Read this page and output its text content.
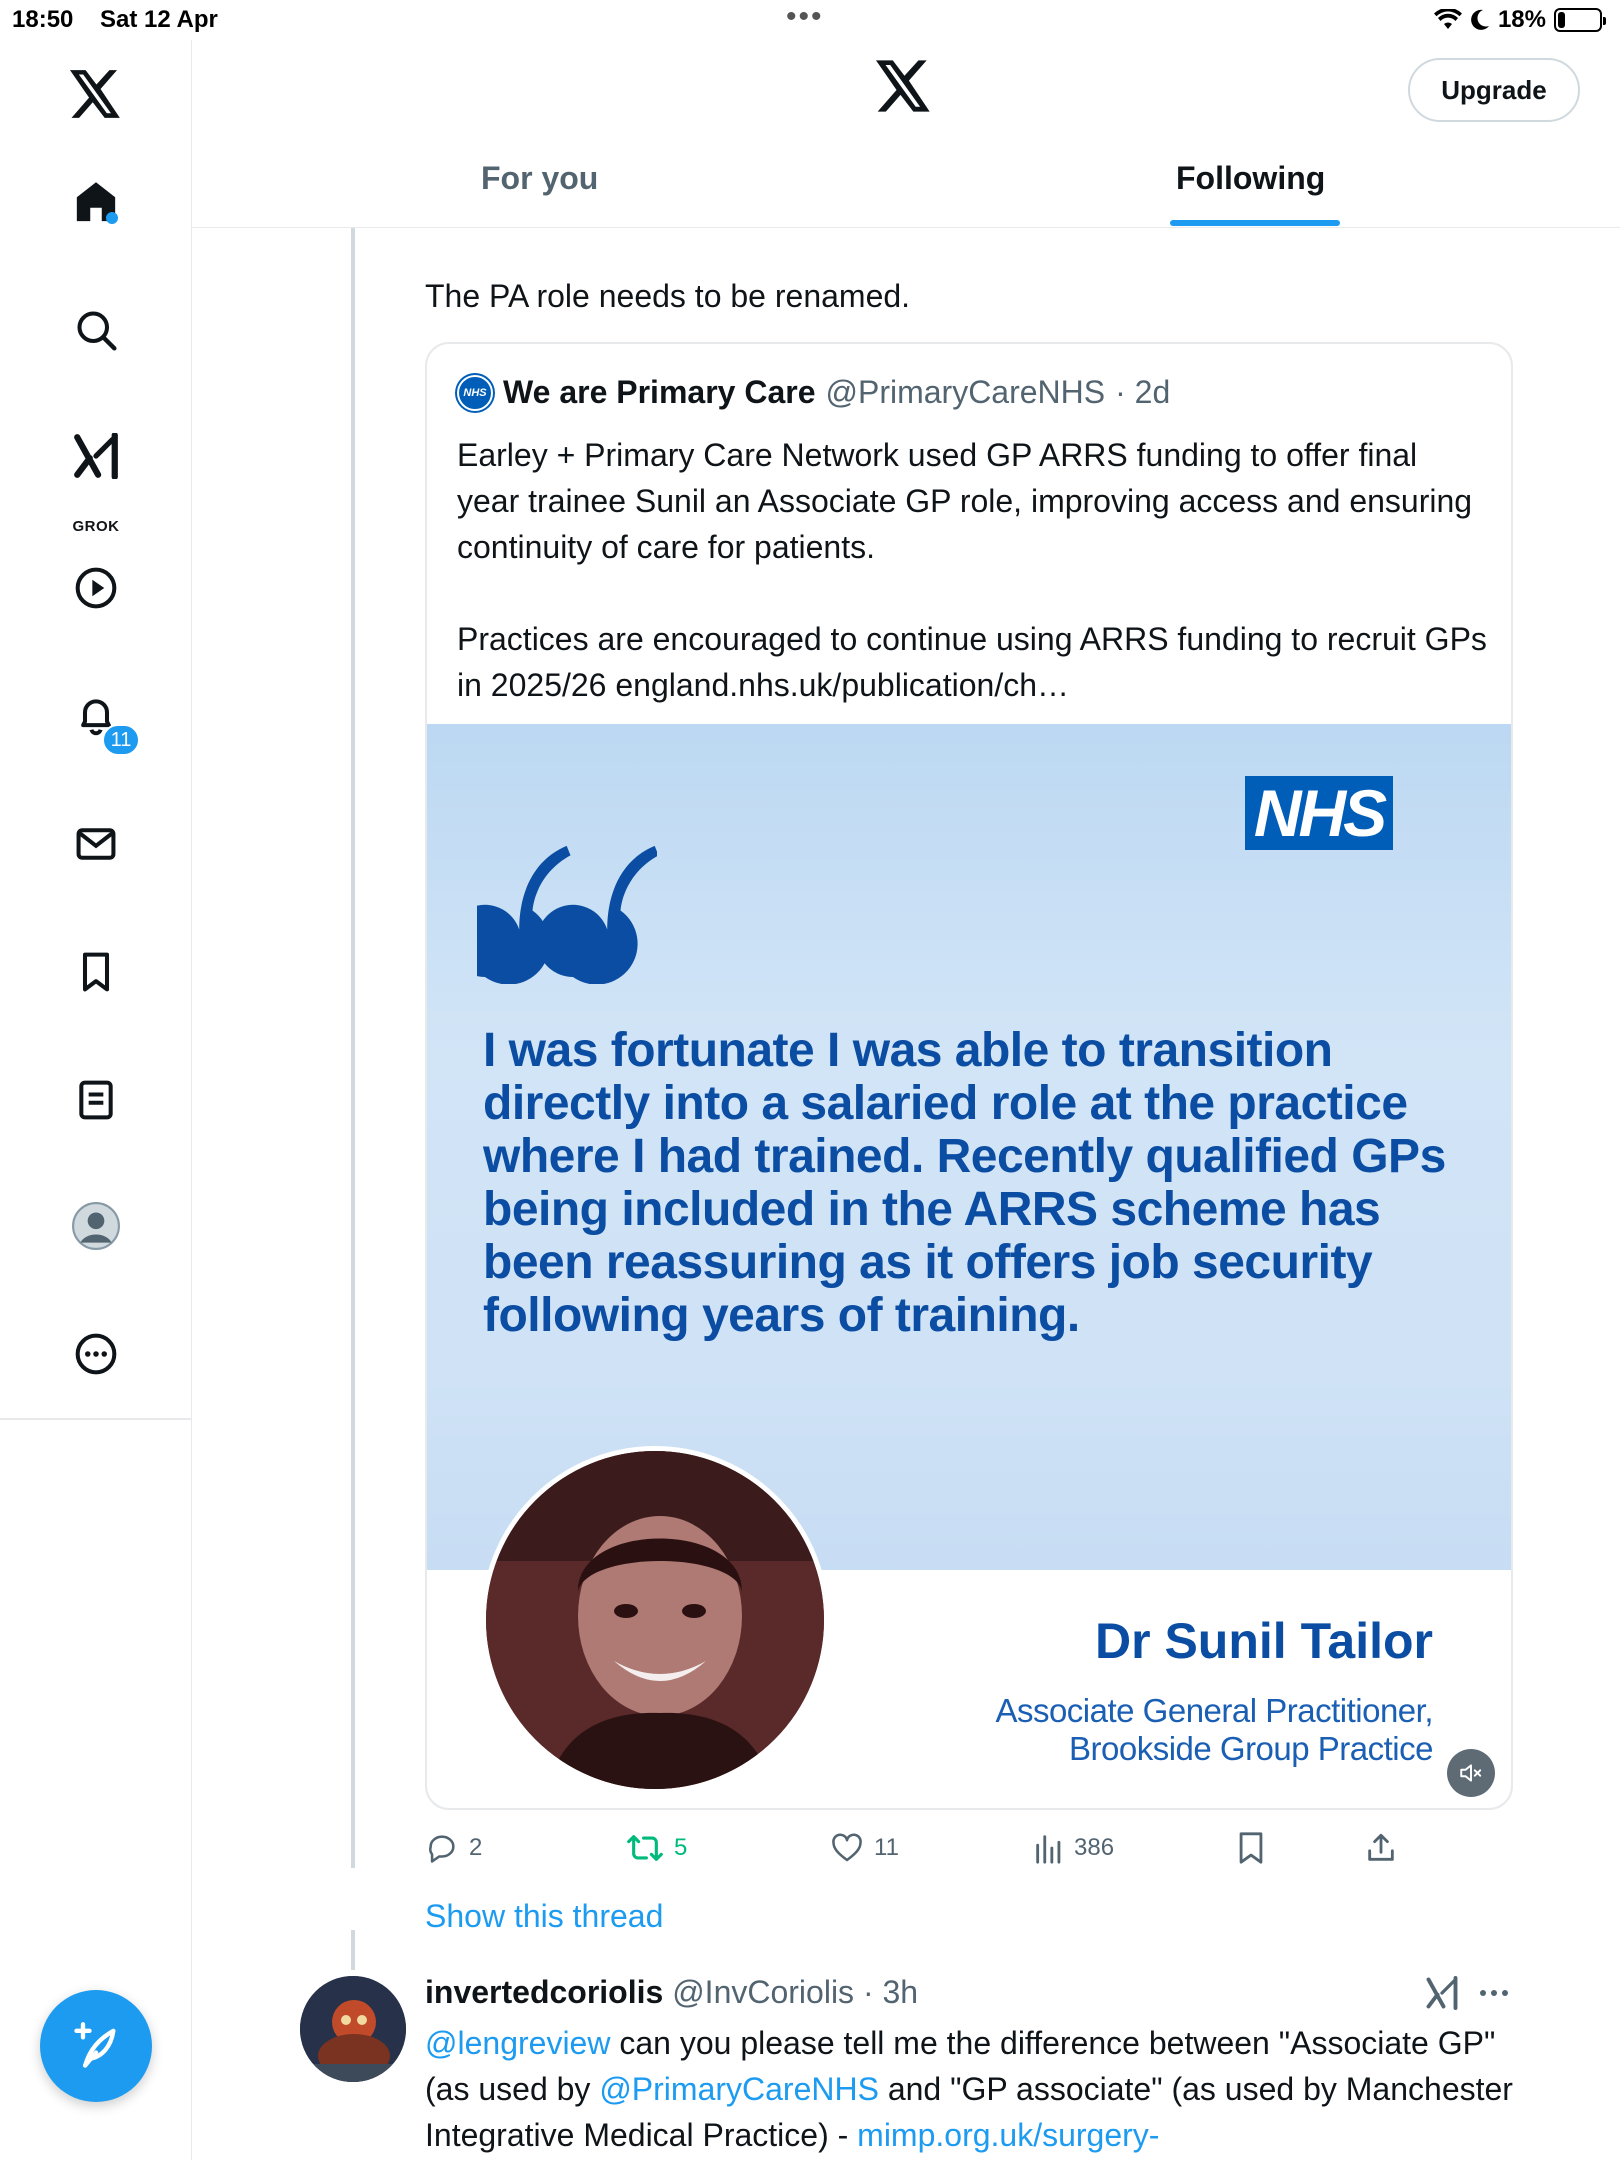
18:50 Sat 12 Apr	•••	18%
GROK
11
Upgrade
For you	Following
The PA role needs to be renamed.
NHS We are Primary Care @PrimaryCareNHS · 2d

Earley + Primary Care Network used GP ARRS funding to offer final year trainee Sunil an Associate GP role, improving access and ensuring continuity of care for patients.

Practices are encouraged to continue using ARRS funding to recruit GPs in 2025/26 england.nhs.uk/publication/ch…

NHS
I was fortunate I was able to transition directly into a salaried role at the practice where I had trained. Recently qualified GPs being included in the ARRS scheme has been reassuring as it offers job security following years of training.
Dr Sunil Tailor
Associate General Practitioner,
Brookside Group Practice
2	5	11	386
Show this thread
invertedcoriolis @InvCoriolis · 3h
@lengreview can you please tell me the difference between "Associate GP" (as used by @PrimaryCareNHS and "GP associate" (as used by Manchester Integrative Medical Practice) - mimp.org.uk/surgery-
